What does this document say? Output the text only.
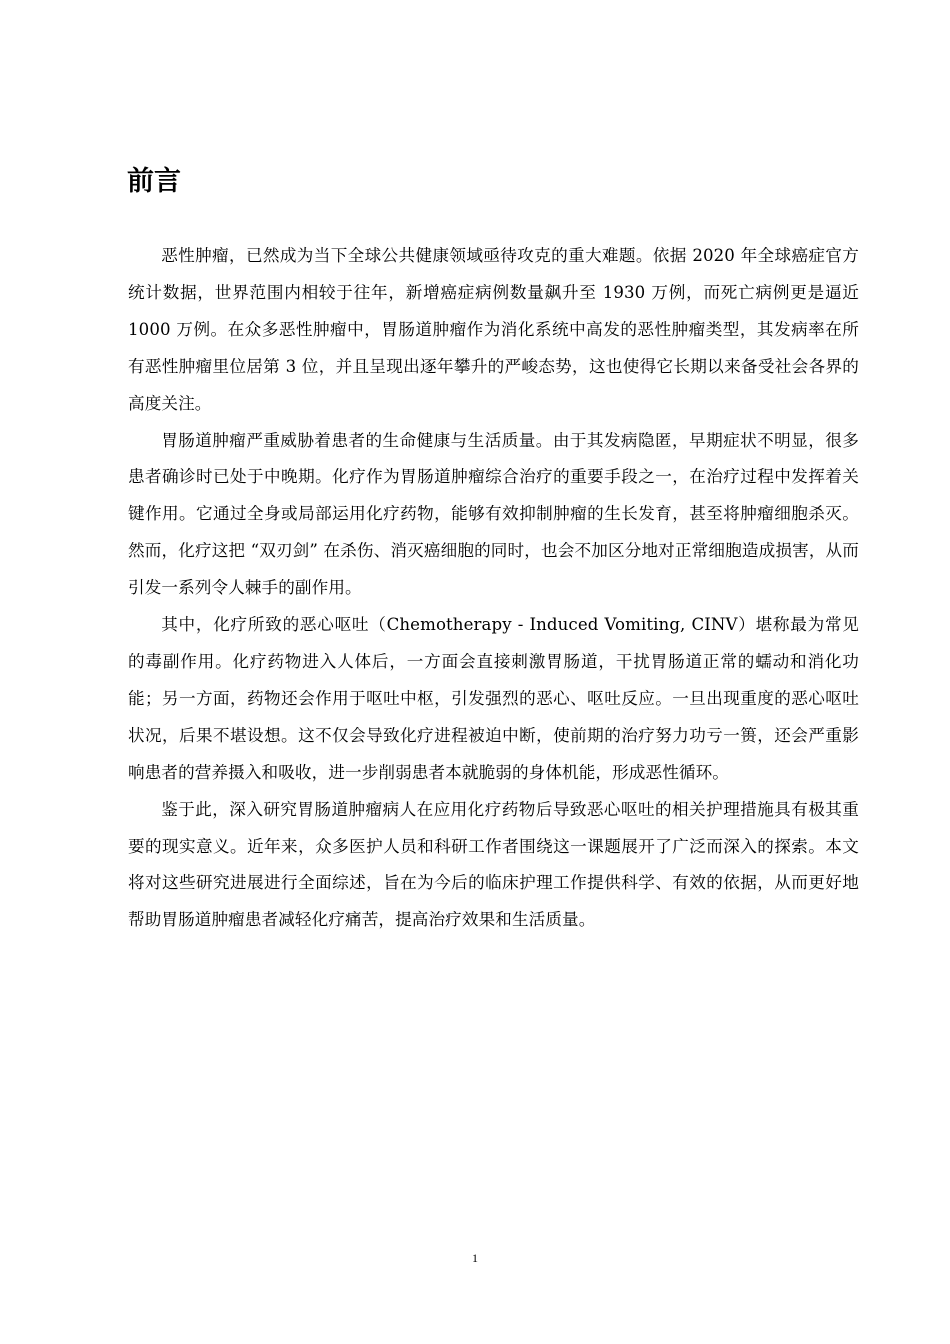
前言

恶性肿瘤，已然成为当下全球公共健康领域亟待攻克的重大难题。依据 2020 年全球癌症官方统计数据，世界范围内相较于往年，新增癌症病例数量飙升至 1930 万例，而死亡病例更是逼近 1000 万例。在众多恶性肿瘤中，胃肠道肿瘤作为消化系统中高发的恶性肿瘤类型，其发病率在所有恶性肿瘤里位居第 3 位，并且呈现出逐年攀升的严峻态势，这也使得它长期以来备受社会各界的高度关注。

胃肠道肿瘤严重威胁着患者的生命健康与生活质量。由于其发病隐匿，早期症状不明显，很多患者确诊时已处于中晚期。化疗作为胃肠道肿瘤综合治疗的重要手段之一，在治疗过程中发挥着关键作用。它通过全身或局部运用化疗药物，能够有效抑制肿瘤的生长发育，甚至将肿瘤细胞杀灭。然而，化疗这把 “双刃剑” 在杀伤、消灭癌细胞的同时，也会不加区分地对正常细胞造成损害，从而引发一系列令人棘手的副作用。

其中，化疗所致的恶心呕吐（Chemotherapy - Induced Vomiting, CINV）堪称最为常见的毒副作用。化疗药物进入人体后，一方面会直接刺激胃肠道，干扰胃肠道正常的蠕动和消化功能；另一方面，药物还会作用于呕吐中枢，引发强烈的恶心、呕吐反应。一旦出现重度的恶心呕吐状况，后果不堪设想。这不仅会导致化疗进程被迫中断，使前期的治疗努力功亏一篑，还会严重影响患者的营养摄入和吸收，进一步削弱患者本就脆弱的身体机能，形成恶性循环。

鉴于此，深入研究胃肠道肿瘤病人在应用化疗药物后导致恶心呕吐的相关护理措施具有极其重要的现实意义。近年来，众多医护人员和科研工作者围绕这一课题展开了广泛而深入的探索。本文将对这些研究进展进行全面综述，旨在为今后的临床护理工作提供科学、有效的依据，从而更好地帮助胃肠道肿瘤患者减轻化疗痛苦，提高治疗效果和生活质量。

1
